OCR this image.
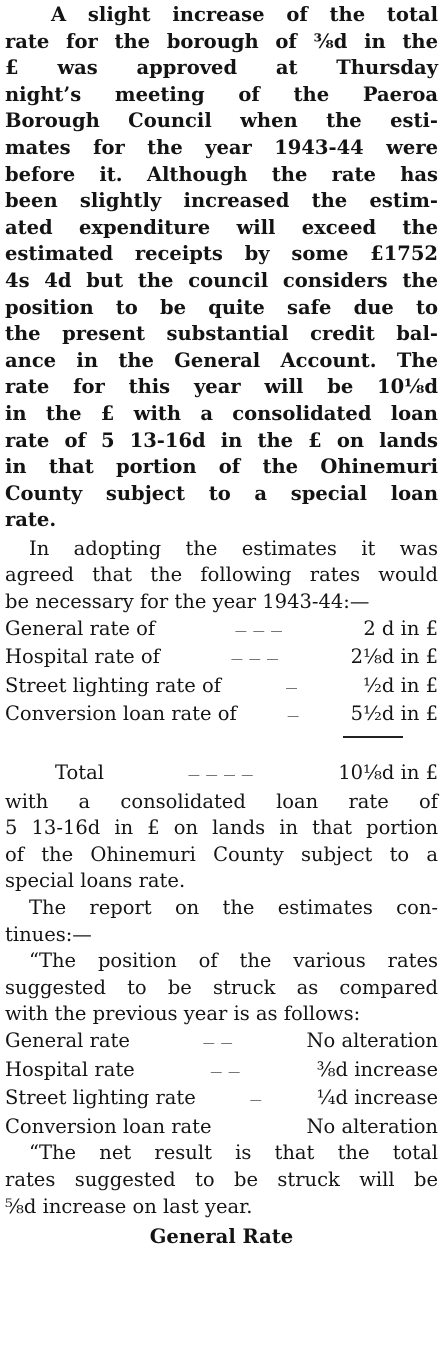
A slight increase of the total
rate for the borough of ⅜d in the
£ was approved at Thursday
night’s meeting of the Paeroa
Borough Council when the esti-
mates for the year 1943-44 were
before it. Although the rate has
been slightly increased the estim-
ated expenditure will exceed the
estimated receipts by some £1752
4s 4d but the council considers the
position to be quite safe due to
the present substantial credit bal-
ance in the General Account. The
rate for this year will be 10⅛d
in the £ with a consolidated loan
rate of 5 13-16d in the £ on lands
in that portion of the Ohinemuri
County subject to a special loan
rate.
In adopting the estimates it was
agreed that the following rates would
be necessary for the year 1943-44:—
General rate of	— — —	2 d in £
Hospital rate of	— — —	2⅛d in £
Street lighting rate of	—	½d in £
Conversion loan rate of	—	5½d in £
Total	— — — —	10⅛d in £
with a consolidated loan rate of
5 13-16d in £ on lands in that portion
of the Ohinemuri County subject to a
special loans rate.
The report on the estimates con-
tinues:—
“The position of the various rates
suggested to be struck as compared
with the previous year is as follows:
General rate	— —	No alteration
Hospital rate	— —	⅜d increase
Street lighting rate	—	¼d increase
Conversion loan rate	No alteration
“The net result is that the total
rates suggested to be struck will be
⅝d increase on last year.
General Rate
